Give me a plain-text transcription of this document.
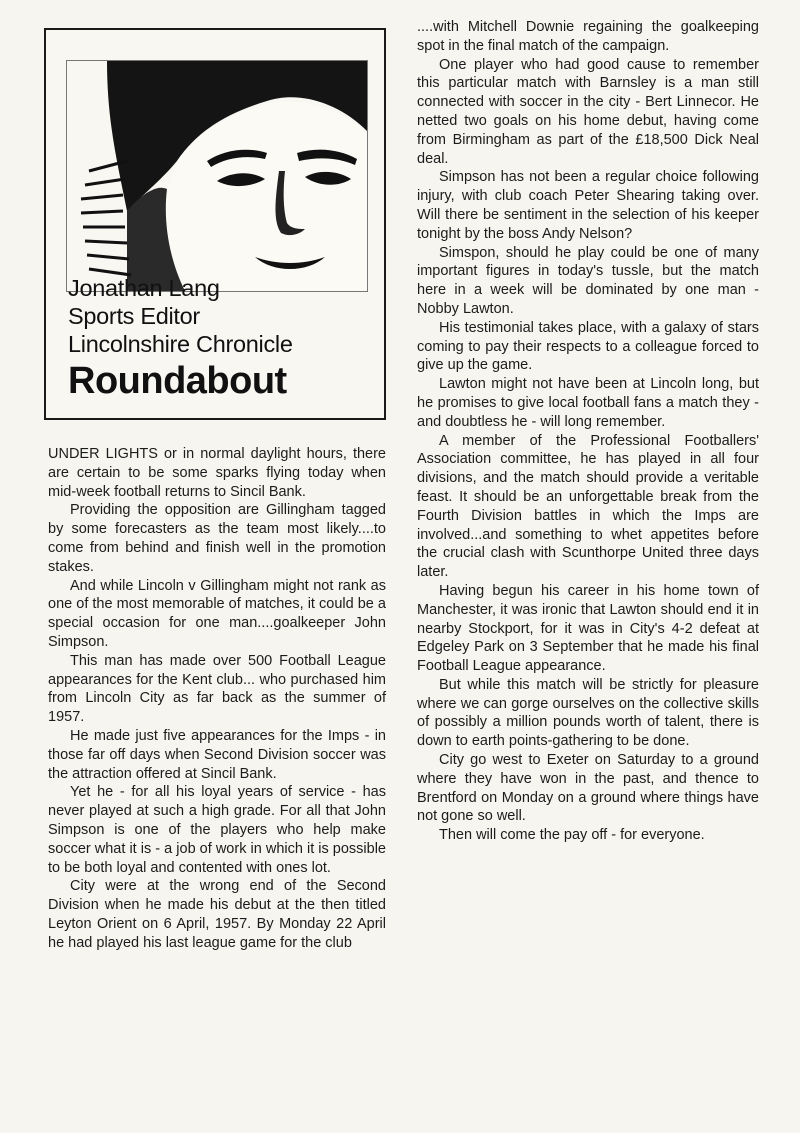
Jonathan Lang
Sports Editor
Lincolnshire Chronicle
Roundabout

UNDER LIGHTS or in normal daylight hours, there are certain to be some sparks flying today when mid-week football returns to Sincil Bank.

Providing the opposition are Gillingham tagged by some forecasters as the team most likely....to come from behind and finish well in the promotion stakes.

And while Lincoln v Gillingham might not rank as one of the most memorable of matches, it could be a special occasion for one man....goalkeeper John Simpson.

This man has made over 500 Football League appearances for the Kent club... who purchased him from Lincoln City as far back as the summer of 1957.

He made just five appearances for the Imps - in those far off days when Second Division soccer was the attraction offered at Sincil Bank.

Yet he - for all his loyal years of service - has never played at such a high grade. For all that John Simpson is one of the players who help make soccer what it is - a job of work in which it is possible to be both loyal and contented with ones lot.

City were at the wrong end of the Second Division when he made his debut at the then titled Leyton Orient on 6 April, 1957. By Monday 22 April he had played his last league game for the club

....with Mitchell Downie regaining the goalkeeping spot in the final match of the campaign.

One player who had good cause to remember this particular match with Barnsley is a man still connected with soccer in the city - Bert Linnecor. He netted two goals on his home debut, having come from Birmingham as part of the £18,500 Dick Neal deal.

Simpson has not been a regular choice following injury, with club coach Peter Shearing taking over. Will there be sentiment in the selection of his keeper tonight by the boss Andy Nelson?

Simspon, should he play could be one of many important figures in today's tussle, but the match here in a week will be dominated by one man - Nobby Lawton.

His testimonial takes place, with a galaxy of stars coming to pay their respects to a colleague forced to give up the game.

Lawton might not have been at Lincoln long, but he promises to give local football fans a match they - and doubtless he - will long remember.

A member of the Professional Footballers' Association committee, he has played in all four divisions, and the match should provide a veritable feast. It should be an unforgettable break from the Fourth Division battles in which the Imps are involved...and something to whet appetites before the crucial clash with Scunthorpe United three days later.

Having begun his career in his home town of Manchester, it was ironic that Lawton should end it in nearby Stockport, for it was in City's 4-2 defeat at Edgeley Park on 3 September that he made his final Football League appearance.

But while this match will be strictly for pleasure where we can gorge ourselves on the collective skills of possibly a million pounds worth of talent, there is down to earth points-gathering to be done.

City go west to Exeter on Saturday to a ground where they have won in the past, and thence to Brentford on Monday on a ground where things have not gone so well.

Then will come the pay off - for everyone.
